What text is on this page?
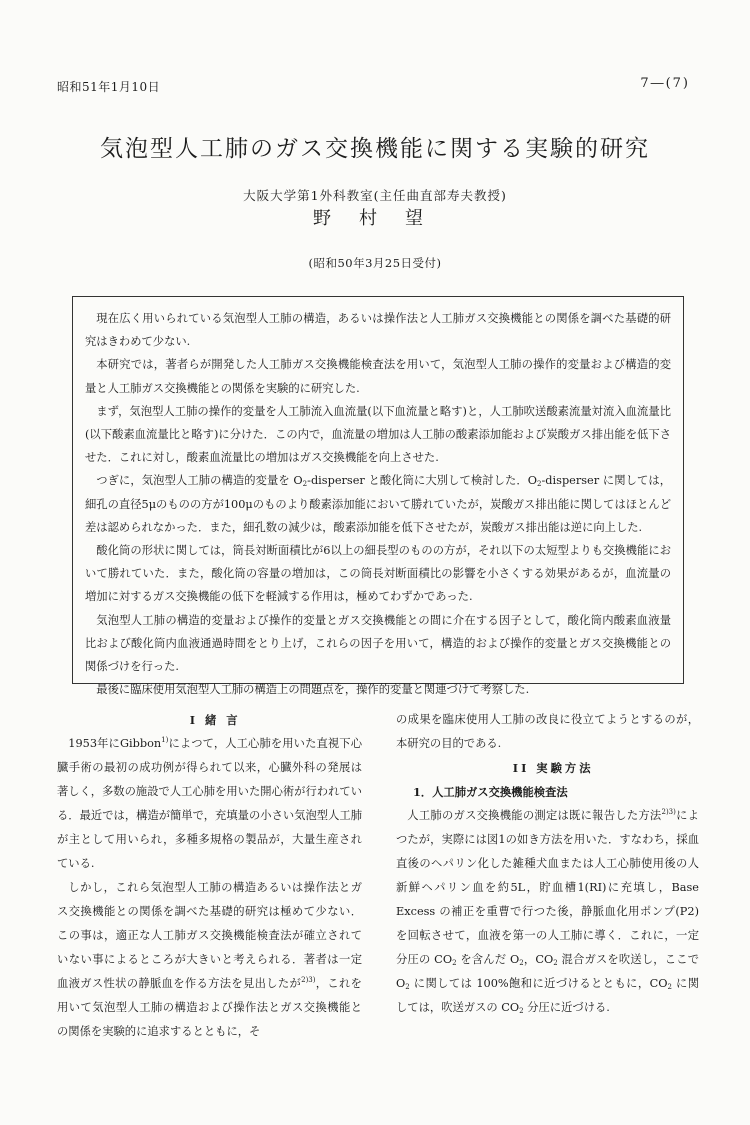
昭和51年1月10日	7―(7)
気泡型人工肺のガス交換機能に関する実験的研究
大阪大学第1外科教室(主任曲直部寿夫教授)
野村望
(昭和50年3月25日受付)

現在広く用いられている気泡型人工肺の構造，あるいは操作法と人工肺ガス交換機能との関係を調べた基礎的研究はきわめて少ない.

本研究では，著者らが開発した人工肺ガス交換機能検査法を用いて，気泡型人工肺の操作的変量および構造的変量と人工肺ガス交換機能との関係を実験的に研究した.

まず，気泡型人工肺の操作的変量を人工肺流入血流量(以下血流量と略す)と，人工肺吹送酸素流量対流入血流量比(以下酸素血流量比と略す)に分けた．この内で，血流量の増加は人工肺の酸素添加能および炭酸ガス排出能を低下させた．これに対し，酸素血流量比の増加はガス交換機能を向上させた.

つぎに，気泡型人工肺の構造的変量を $O_2$-disperser と酸化筒に大別して検討した．$O_2$-disperser に関しては，細孔の直径5μのものの方が100μのものより酸素添加能において勝れていたが，炭酸ガス排出能に関してはほとんど差は認められなかった．また，細孔数の減少は，酸素添加能を低下させたが，炭酸ガス排出能は逆に向上した.

酸化筒の形状に関しては，筒長対断面積比が6以上の細長型のものの方が，それ以下の太短型よりも交換機能において勝れていた．また，酸化筒の容量の増加は，この筒長対断面積比の影響を小さくする効果があるが，血流量の増加に対するガス交換機能の低下を軽減する作用は，極めてわずかであった.

気泡型人工肺の構造的変量および操作的変量とガス交換機能との間に介在する因子として，酸化筒内酸素血液量比および酸化筒内血液通過時間をとり上げ，これらの因子を用いて，構造的および操作的変量とガス交換機能との関係づけを行った.

最後に臨床使用気泡型人工肺の構造上の問題点を，操作的変量と関連づけて考察した.

I 緒 言

1953年にGibbon$^{1)}$によつて，人工心肺を用いた直視下心臓手術の最初の成功例が得られて以来，心臓外科の発展は著しく，多数の施設で人工心肺を用いた開心術が行われている．最近では，構造が簡単で，充填量の小さい気泡型人工肺が主として用いられ，多種多規格の製品が，大量生産されている.

しかし，これら気泡型人工肺の構造あるいは操作法とガス交換機能との関係を調べた基礎的研究は極めて少ない．この事は，適正な人工肺ガス交換機能検査法が確立されていない事によるところが大きいと考えられる．著者は一定血液ガス性状の静脈血を作る方法を見出したが$^{2)3)}$，これを用いて気泡型人工肺の構造および操作法とガス交換機能との関係を実験的に追求するとともに，そ

の成果を臨床使用人工肺の改良に役立てようとするのが，本研究の目的である.

II 実験方法

1．人工肺ガス交換機能検査法

人工肺のガス交換機能の測定は既に報告した方法$^{2)3)}$によつたが，実際には図1の如き方法を用いた．すなわち，採血直後のヘパリン化した雑種犬血または人工心肺使用後の人新鮮ヘパリン血を約5L，貯血槽1(RI)に充填し，Base Excess の補正を重曹で行つた後，静脈血化用ポンプ(P2)を回転させて，血液を第一の人工肺に導く．これに，一定分圧の $CO_2$ を含んだ $O_2$，$CO_2$ 混合ガスを吹送し，ここで $O_2$ に関しては 100%飽和に近づけるとともに，$CO_2$ に関しては，吹送ガスの $CO_2$ 分圧に近づける.
